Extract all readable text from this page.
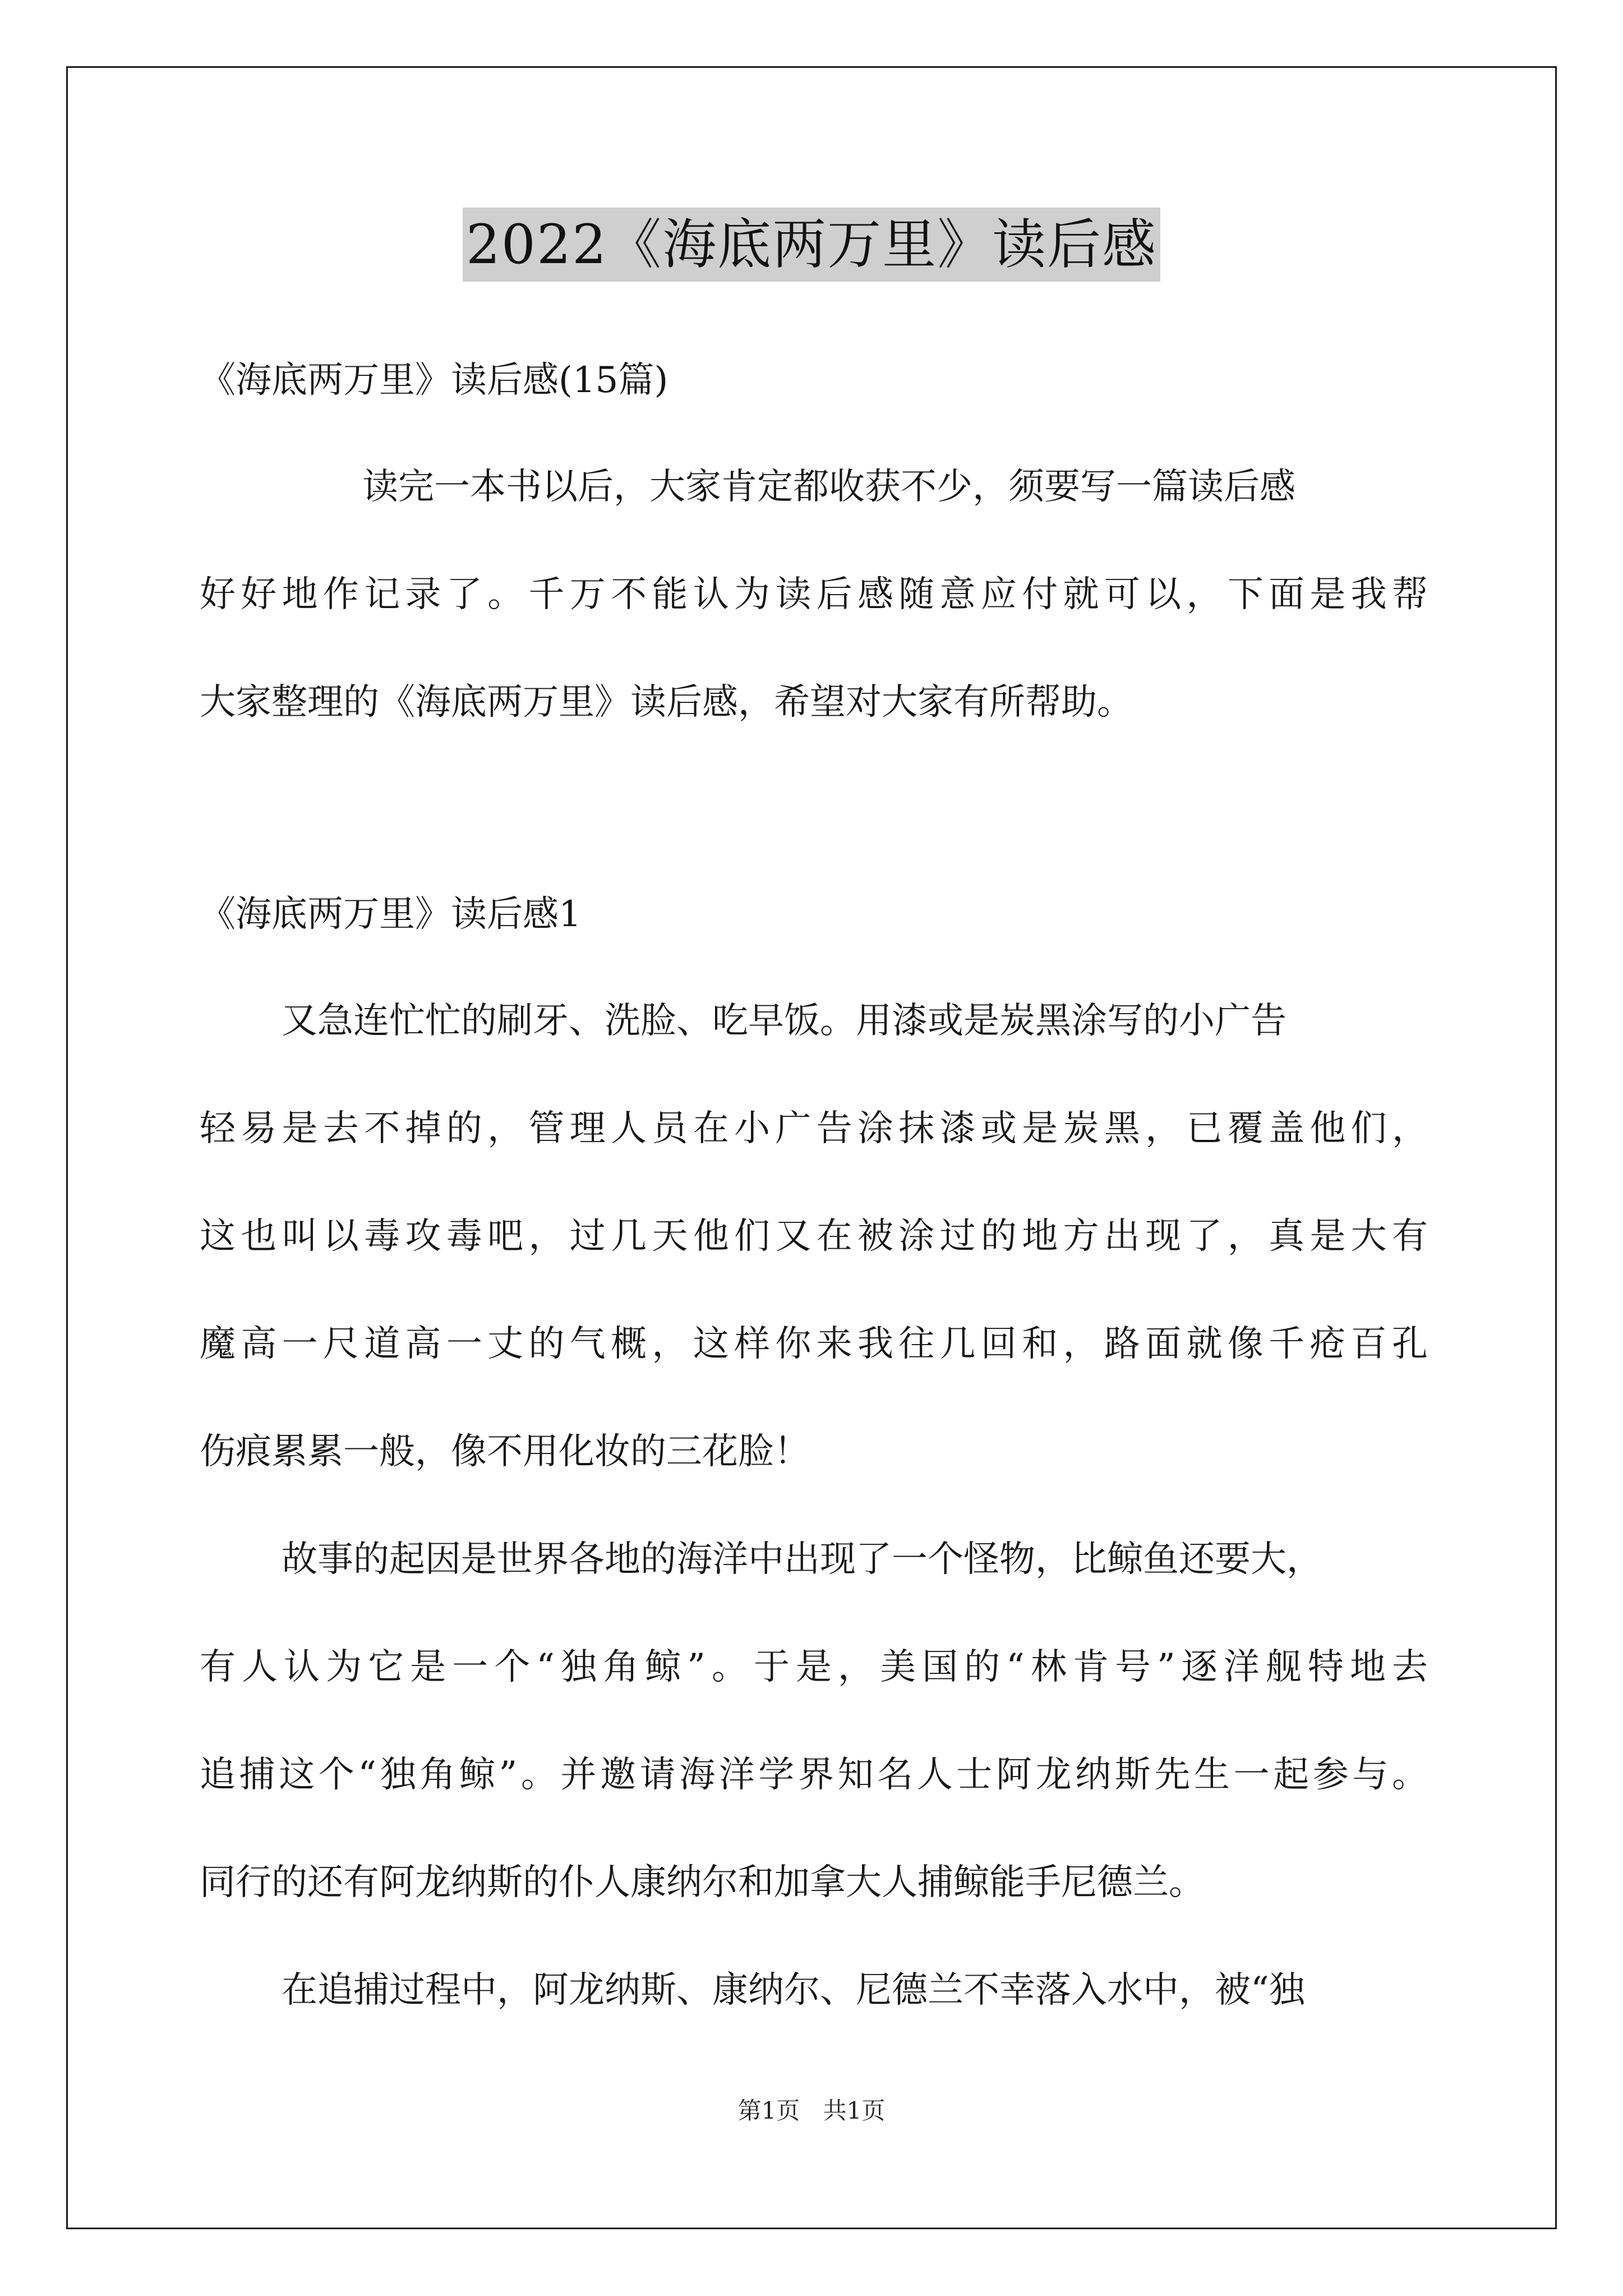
2022《海底两万里》读后感
《海底两万里》读后感(15篇)
读完一本书以后，大家肯定都收获不少，须要写一篇读后感
好好地作记录了。千万不能认为读后感随意应付就可以，下面是我帮
大家整理的《海底两万里》读后感，希望对大家有所帮助。
《海底两万里》读后感1
又急连忙忙的刷牙、洗脸、吃早饭。用漆或是炭黑涂写的小广告
轻易是去不掉的，管理人员在小广告涂抹漆或是炭黑，已覆盖他们，
这也叫以毒攻毒吧，过几天他们又在被涂过的地方出现了，真是大有
魔高一尺道高一丈的气概，这样你来我往几回和，路面就像千疮百孔
伤痕累累一般，像不用化妆的三花脸！
故事的起因是世界各地的海洋中出现了一个怪物，比鲸鱼还要大，
有人认为它是一个“独角鲸”。于是，美国的“林肯号”逐洋舰特地去
追捕这个“独角鲸”。并邀请海洋学界知名人士阿龙纳斯先生一起参与。
同行的还有阿龙纳斯的仆人康纳尔和加拿大人捕鲸能手尼德兰。
在追捕过程中，阿龙纳斯、康纳尔、尼德兰不幸落入水中，被“独
第1页 共1页
